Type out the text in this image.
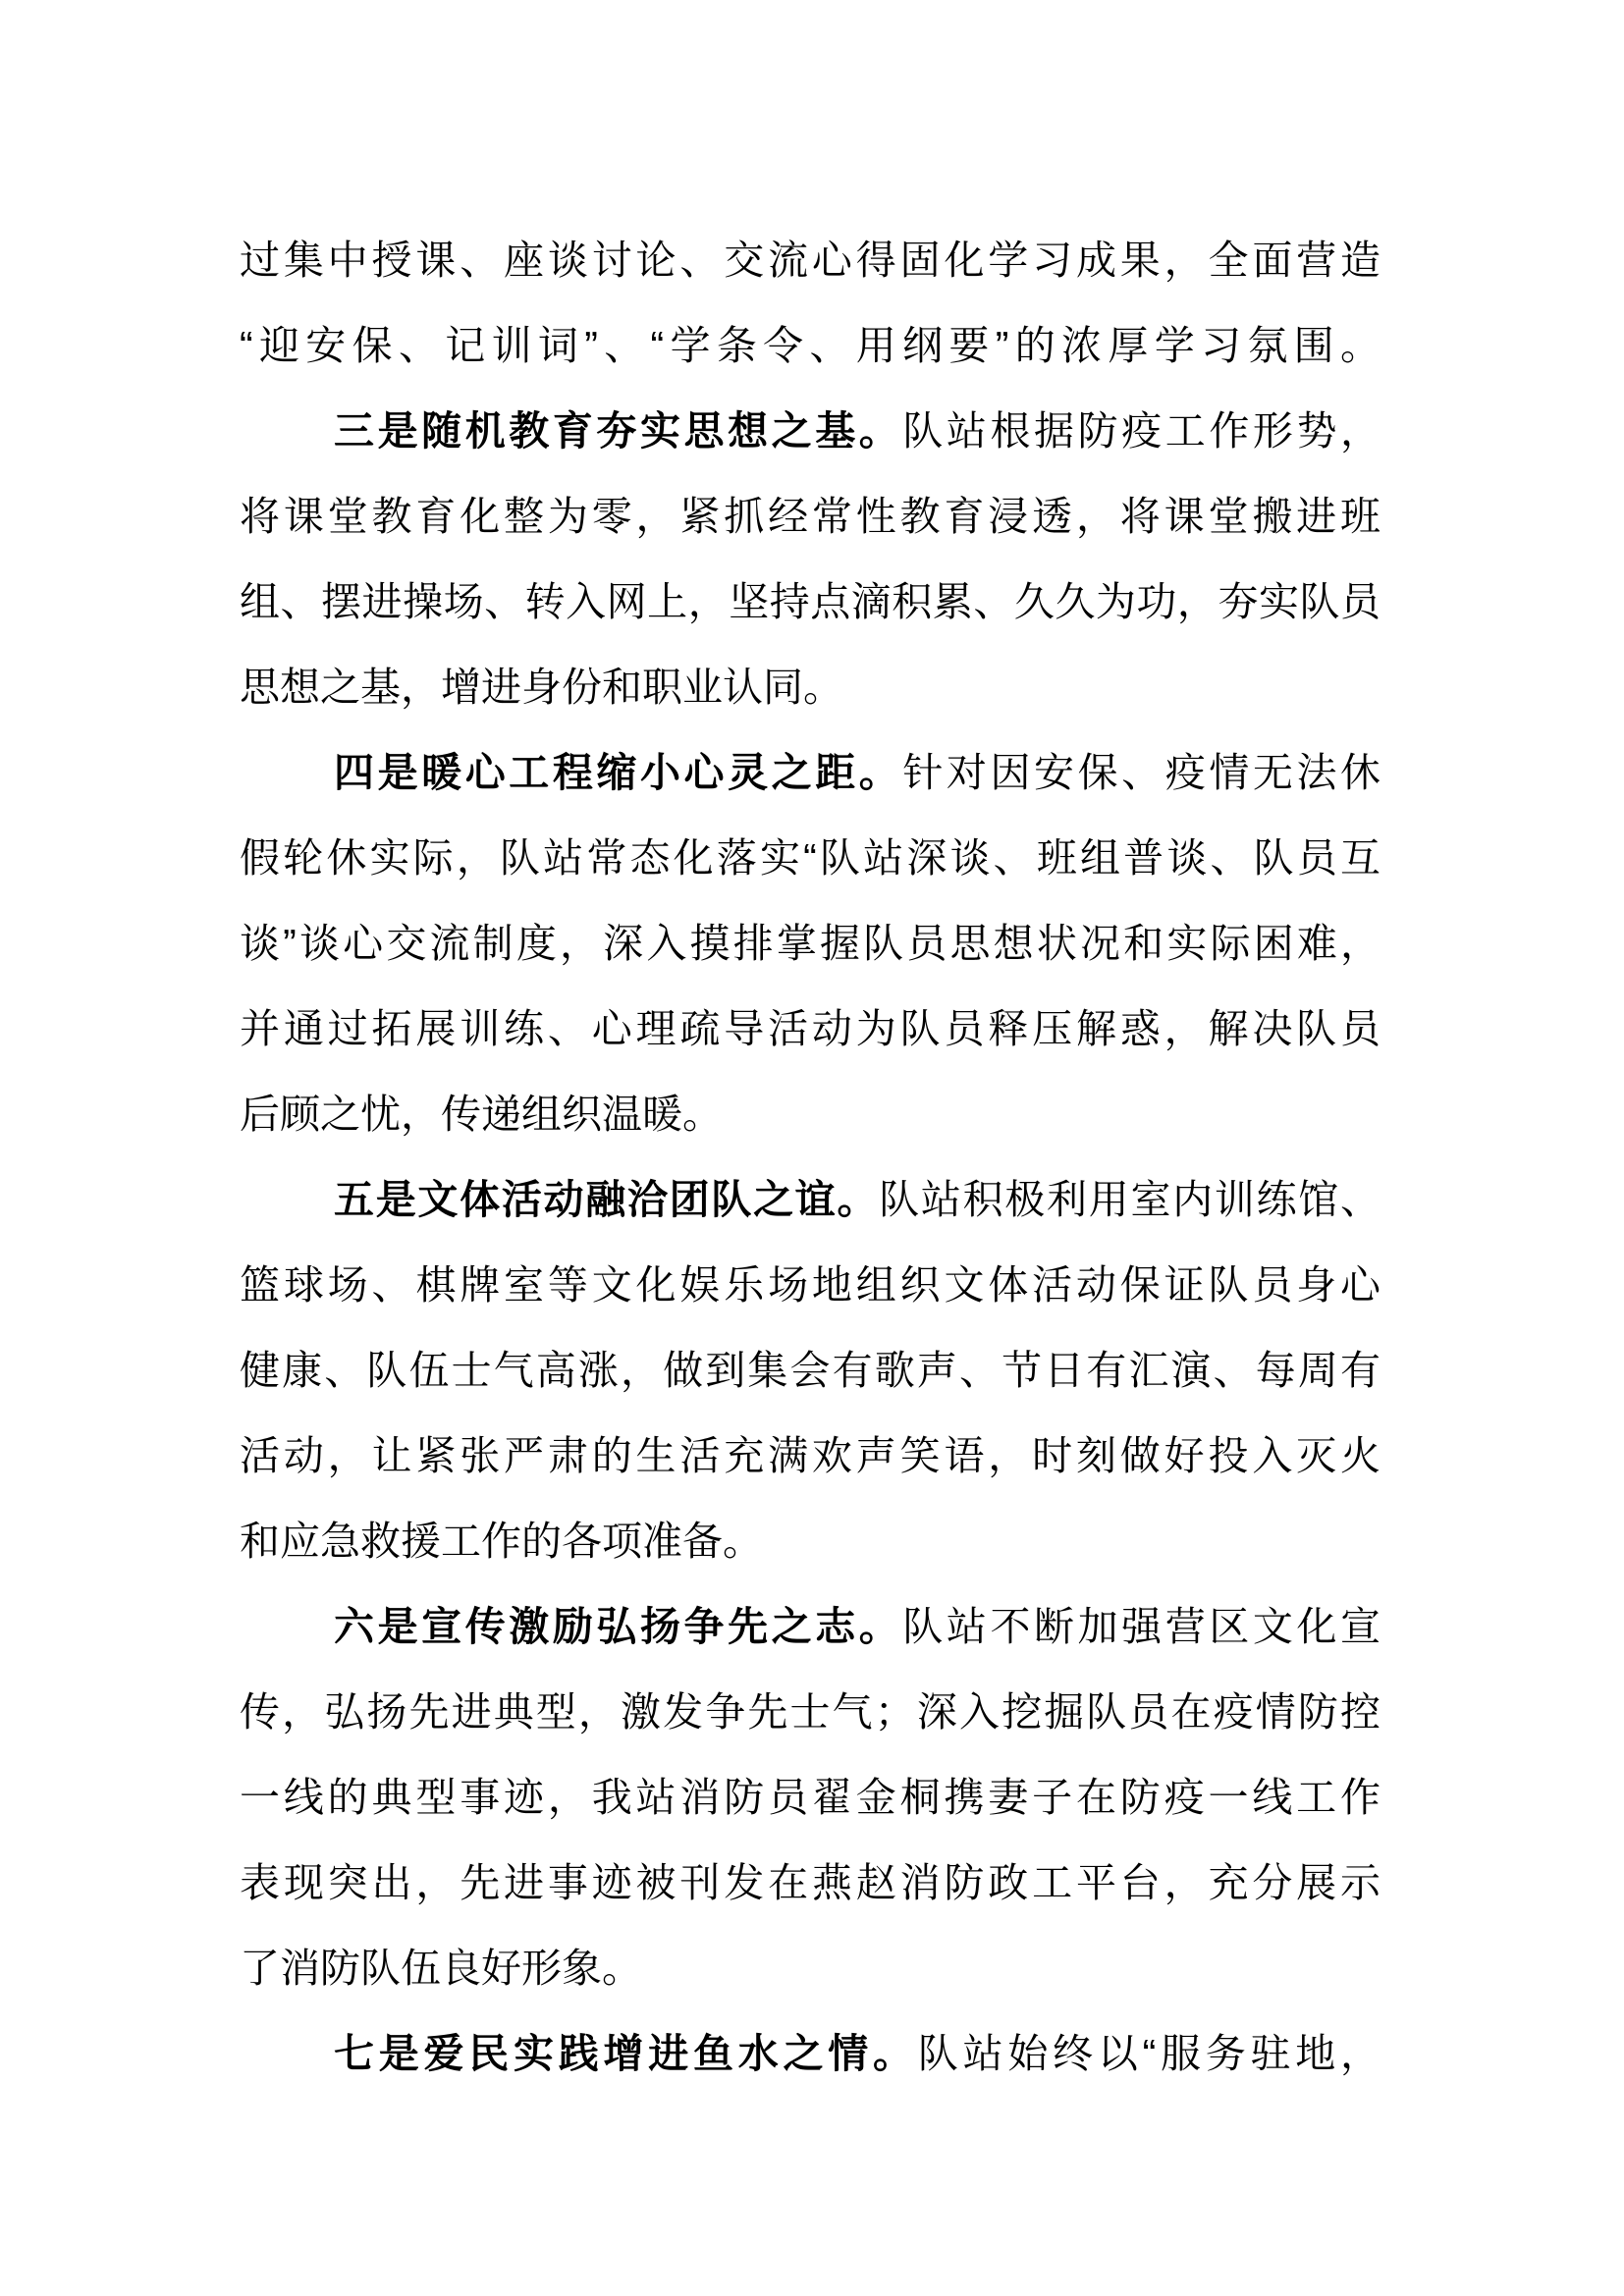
过集中授课、座谈讨论、交流心得固化学习成果，全面营造
“迎安保、记训词”、“学条令、用纲要”的浓厚学习氛围。
三是随机教育夯实思想之基。队站根据防疫工作形势，
将课堂教育化整为零，紧抓经常性教育浸透，将课堂搬进班
组、摆进操场、转入网上，坚持点滴积累、久久为功，夯实队员
思想之基，增进身份和职业认同。
四是暖心工程缩小心灵之距。针对因安保、疫情无法休
假轮休实际，队站常态化落实“队站深谈、班组普谈、队员互
谈”谈心交流制度，深入摸排掌握队员思想状况和实际困难，
并通过拓展训练、心理疏导活动为队员释压解惑，解决队员
后顾之忧，传递组织温暖。
五是文体活动融洽团队之谊。队站积极利用室内训练馆、
篮球场、棋牌室等文化娱乐场地组织文体活动保证队员身心
健康、队伍士气高涨，做到集会有歌声、节日有汇演、每周有
活动，让紧张严肃的生活充满欢声笑语，时刻做好投入灭火
和应急救援工作的各项准备。
六是宣传激励弘扬争先之志。队站不断加强营区文化宣
传，弘扬先进典型，激发争先士气；深入挖掘队员在疫情防控
一线的典型事迹，我站消防员翟金桐携妻子在防疫一线工作
表现突出，先进事迹被刊发在燕赵消防政工平台，充分展示
了消防队伍良好形象。
七是爱民实践增进鱼水之情。队站始终以“服务驻地，
